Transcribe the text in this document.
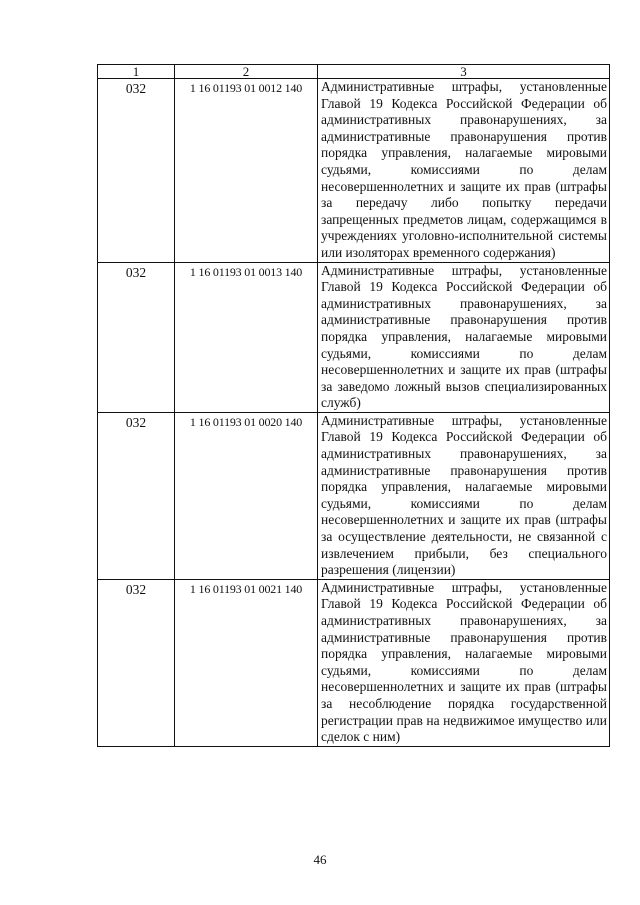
1	2	3
032	1 16 01193 01 0012 140	Административные штрафы, установленные Главой 19 Кодекса Российской Федерации об административных правонарушениях, за административные правонарушения против порядка управления, налагаемые мировыми судьями, комиссиями по делам несовершеннолетних и защите их прав (штрафы за передачу либо попытку передачи запрещенных предметов лицам, содержащимся в учреждениях уголовно-исполнительной системы или изоляторах временного содержания)
032	1 16 01193 01 0013 140	Административные штрафы, установленные Главой 19 Кодекса Российской Федерации об административных правонарушениях, за административные правонарушения против порядка управления, налагаемые мировыми судьями, комиссиями по делам несовершеннолетних и защите их прав (штрафы за заведомо ложный вызов специализированных служб)
032	1 16 01193 01 0020 140	Административные штрафы, установленные Главой 19 Кодекса Российской Федерации об административных правонарушениях, за административные правонарушения против порядка управления, налагаемые мировыми судьями, комиссиями по делам несовершеннолетних и защите их прав (штрафы за осуществление деятельности, не связанной с извлечением прибыли, без специального разрешения (лицензии)
032	1 16 01193 01 0021 140	Административные штрафы, установленные Главой 19 Кодекса Российской Федерации об административных правонарушениях, за административные правонарушения против порядка управления, налагаемые мировыми судьями, комиссиями по делам несовершеннолетних и защите их прав (штрафы за несоблюдение порядка государственной регистрации прав на недвижимое имущество или сделок с ним)
46
